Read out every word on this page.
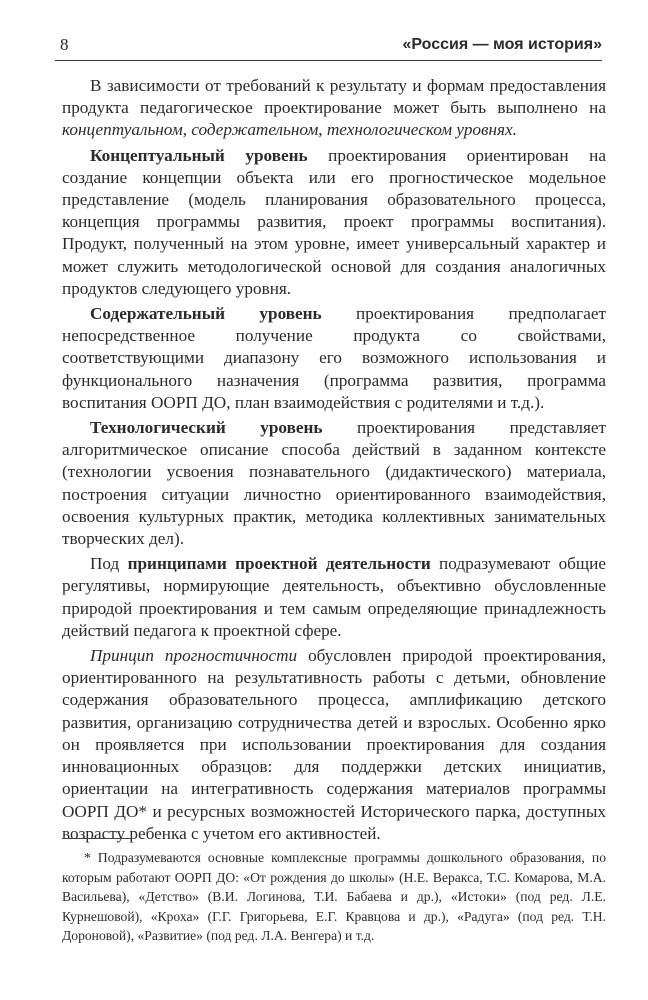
8	«Россия — моя история»

В зависимости от требований к результату и формам предоставления продукта педагогическое проектирование может быть выполнено на концептуальном, содержательном, технологическом уровнях.

Концептуальный уровень проектирования ориентирован на создание концепции объекта или его прогностическое модельное представление (модель планирования образовательного процесса, концепция программы развития, проект программы воспитания). Продукт, полученный на этом уровне, имеет универсальный характер и может служить методологической основой для создания аналогичных продуктов следующего уровня.

Содержательный уровень проектирования предполагает непосредственное получение продукта со свойствами, соответствующими диапазону его возможного использования и функционального назначения (программа развития, программа воспитания ООРП ДО, план взаимодействия с родителями и т.д.).

Технологический уровень проектирования представляет алгоритмическое описание способа действий в заданном контексте (технологии усвоения познавательного (дидактического) материала, построения ситуации личностно ориентированного взаимодействия, освоения культурных практик, методика коллективных занимательных творческих дел).

Под принципами проектной деятельности подразумевают общие регулятивы, нормирующие деятельность, объективно обусловленные природой проектирования и тем самым определяющие принадлежность действий педагога к проектной сфере.

Принцип прогностичности обусловлен природой проектирования, ориентированного на результативность работы с детьми, обновление содержания образовательного процесса, амплификацию детского развития, организацию сотрудничества детей и взрослых. Особенно ярко он проявляется при использовании проектирования для создания инновационных образцов: для поддержки детских инициатив, ориентации на интегративность содержания материалов программы ООРП ДО* и ресурсных возможностей Исторического парка, доступных возрасту ребенка с учетом его активностей.

* Подразумеваются основные комплексные программы дошкольного образования, по которым работают ООРП ДО: «От рождения до школы» (Н.Е. Веракса, Т.С. Комарова, М.А. Васильева), «Детство» (В.И. Логинова, Т.И. Бабаева и др.), «Истоки» (под ред. Л.Е. Курнешовой), «Кроха» (Г.Г. Григорьева, Е.Г. Кравцова и др.), «Радуга» (под ред. Т.Н. Дороновой), «Развитие» (под ред. Л.А. Венгера) и т.д.
